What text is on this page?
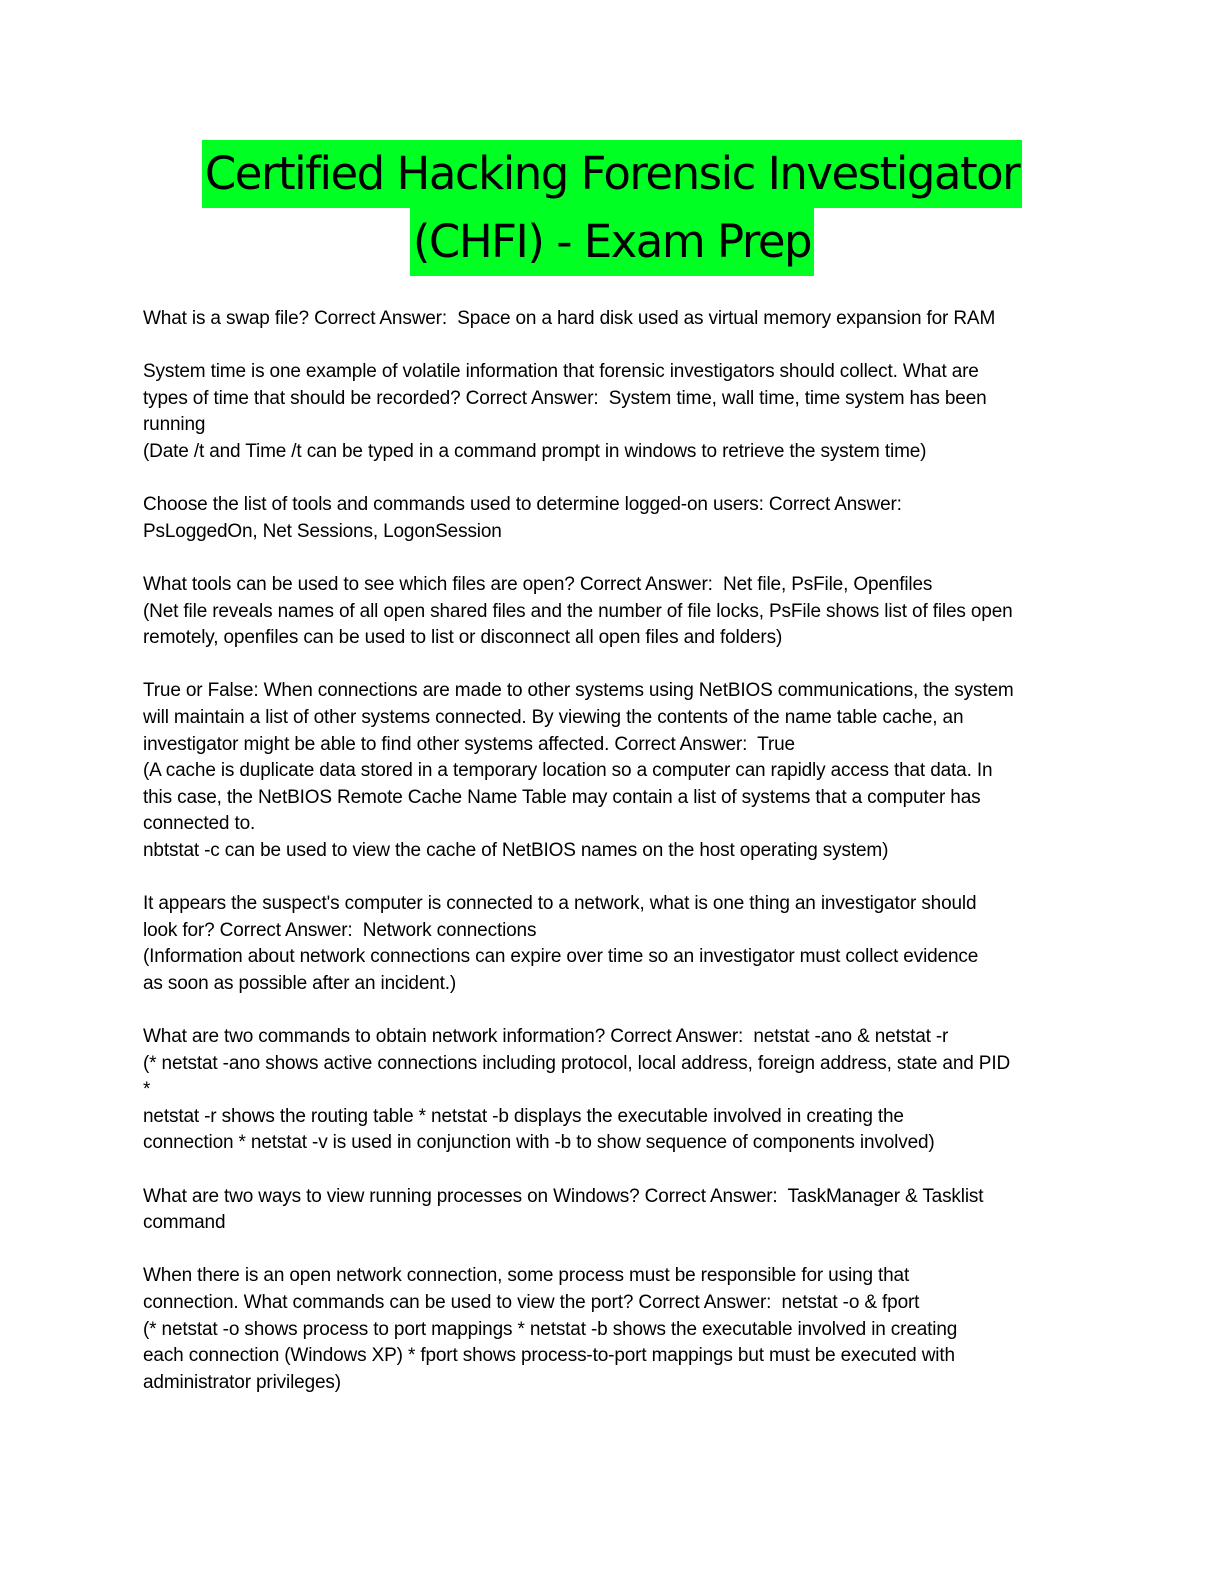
Certified Hacking Forensic Investigator
(CHFI) - Exam Prep
What is a swap file? Correct Answer:  Space on a hard disk used as virtual memory expansion for RAM
System time is one example of volatile information that forensic investigators should collect. What are
types of time that should be recorded? Correct Answer:  System time, wall time, time system has been
running
(Date /t and Time /t can be typed in a command prompt in windows to retrieve the system time)
Choose the list of tools and commands used to determine logged-on users: Correct Answer:
PsLoggedOn, Net Sessions, LogonSession
What tools can be used to see which files are open? Correct Answer:  Net file, PsFile, Openfiles
(Net file reveals names of all open shared files and the number of file locks, PsFile shows list of files open
remotely, openfiles can be used to list or disconnect all open files and folders)
True or False: When connections are made to other systems using NetBIOS communications, the system
will maintain a list of other systems connected. By viewing the contents of the name table cache, an
investigator might be able to find other systems affected. Correct Answer:  True
(A cache is duplicate data stored in a temporary location so a computer can rapidly access that data. In
this case, the NetBIOS Remote Cache Name Table may contain a list of systems that a computer has
connected to.
nbtstat -c can be used to view the cache of NetBIOS names on the host operating system)
It appears the suspect's computer is connected to a network, what is one thing an investigator should
look for? Correct Answer:  Network connections
(Information about network connections can expire over time so an investigator must collect evidence
as soon as possible after an incident.)
What are two commands to obtain network information? Correct Answer:  netstat -ano & netstat -r
(* netstat -ano shows active connections including protocol, local address, foreign address, state and PID
*
netstat -r shows the routing table * netstat -b displays the executable involved in creating the
connection * netstat -v is used in conjunction with -b to show sequence of components involved)
What are two ways to view running processes on Windows? Correct Answer:  TaskManager & Tasklist
command
When there is an open network connection, some process must be responsible for using that
connection. What commands can be used to view the port? Correct Answer:  netstat -o & fport
(* netstat -o shows process to port mappings * netstat -b shows the executable involved in creating
each connection (Windows XP) * fport shows process-to-port mappings but must be executed with
administrator privileges)
